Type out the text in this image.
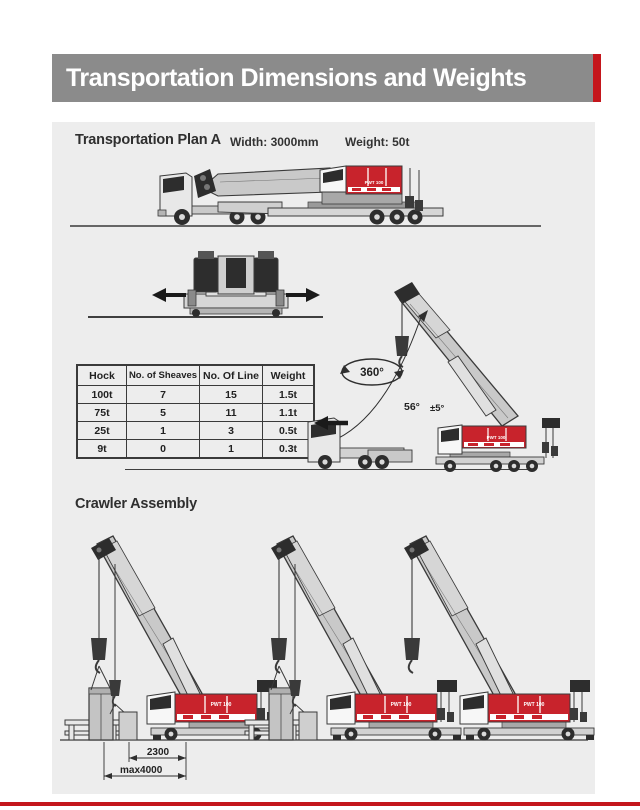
Transportation Dimensions and Weights
Transportation Plan A Width: 3000mm Weight: 50t
PWT 100
Hock	No. of Sheaves	No. Of Line	Weight
100t	7	15	1.5t
75t	5	11	1.1t
25t	1	3	0.5t
9t	0	1	0.3t
360°
56° ±5°
PWT 100
Crawler Assembly
PWT 100	PWT 100	PWT 100
2300
max4000
